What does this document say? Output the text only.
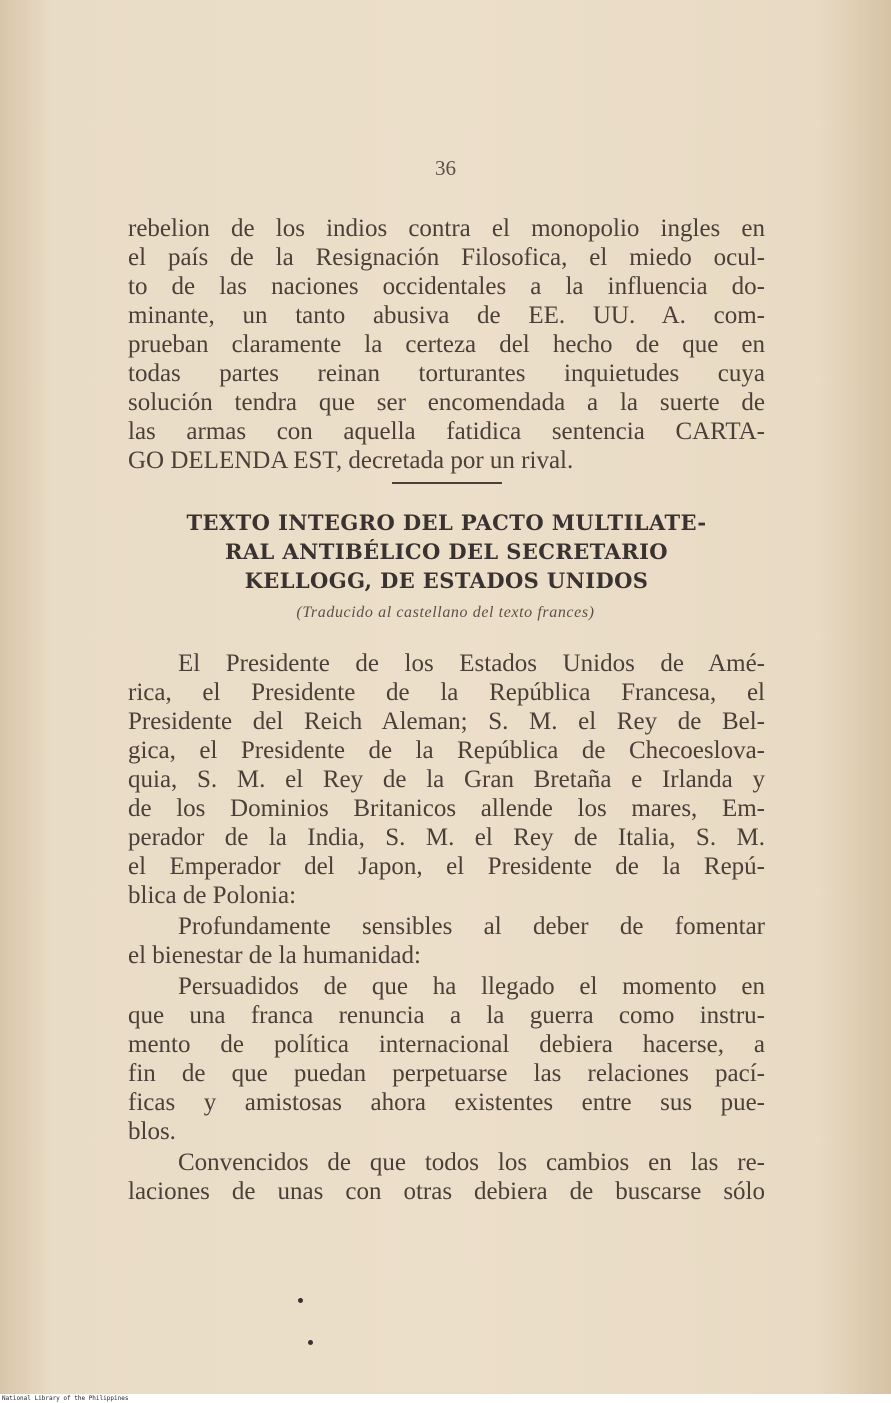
36
rebelion de los indios contra el monopolio ingles en
el país de la Resignación Filosofica, el miedo ocul-
to de las naciones occidentales a la influencia do-
minante, un tanto abusiva de EE. UU. A. com-
prueban claramente la certeza del hecho de que en
todas partes reinan torturantes inquietudes cuya
solución tendra que ser encomendada a la suerte de
las armas con aquella fatidica sentencia CARTA-
GO DELENDA EST, decretada por un rival.
TEXTO INTEGRO DEL PACTO MULTILATE-
RAL ANTIBÉLICO DEL SECRETARIO
KELLOGG, DE ESTADOS UNIDOS
(Traducido al castellano del texto frances)
El Presidente de los Estados Unidos de Amé-
rica, el Presidente de la República Francesa, el
Presidente del Reich Aleman; S. M. el Rey de Bel-
gica, el Presidente de la República de Checoeslova-
quia, S. M. el Rey de la Gran Bretaña e Irlanda y
de los Dominios Britanicos allende los mares, Em-
perador de la India, S. M. el Rey de Italia, S. M.
el Emperador del Japon, el Presidente de la Repú-
blica de Polonia:
Profundamente sensibles al deber de fomentar
el bienestar de la humanidad:
Persuadidos de que ha llegado el momento en
que una franca renuncia a la guerra como instru-
mento de política internacional debiera hacerse, a
fin de que puedan perpetuarse las relaciones pací-
ficas y amistosas ahora existentes entre sus pue-
blos.
Convencidos de que todos los cambios en las re-
laciones de unas con otras debiera de buscarse sólo
National Library of the Philippines
